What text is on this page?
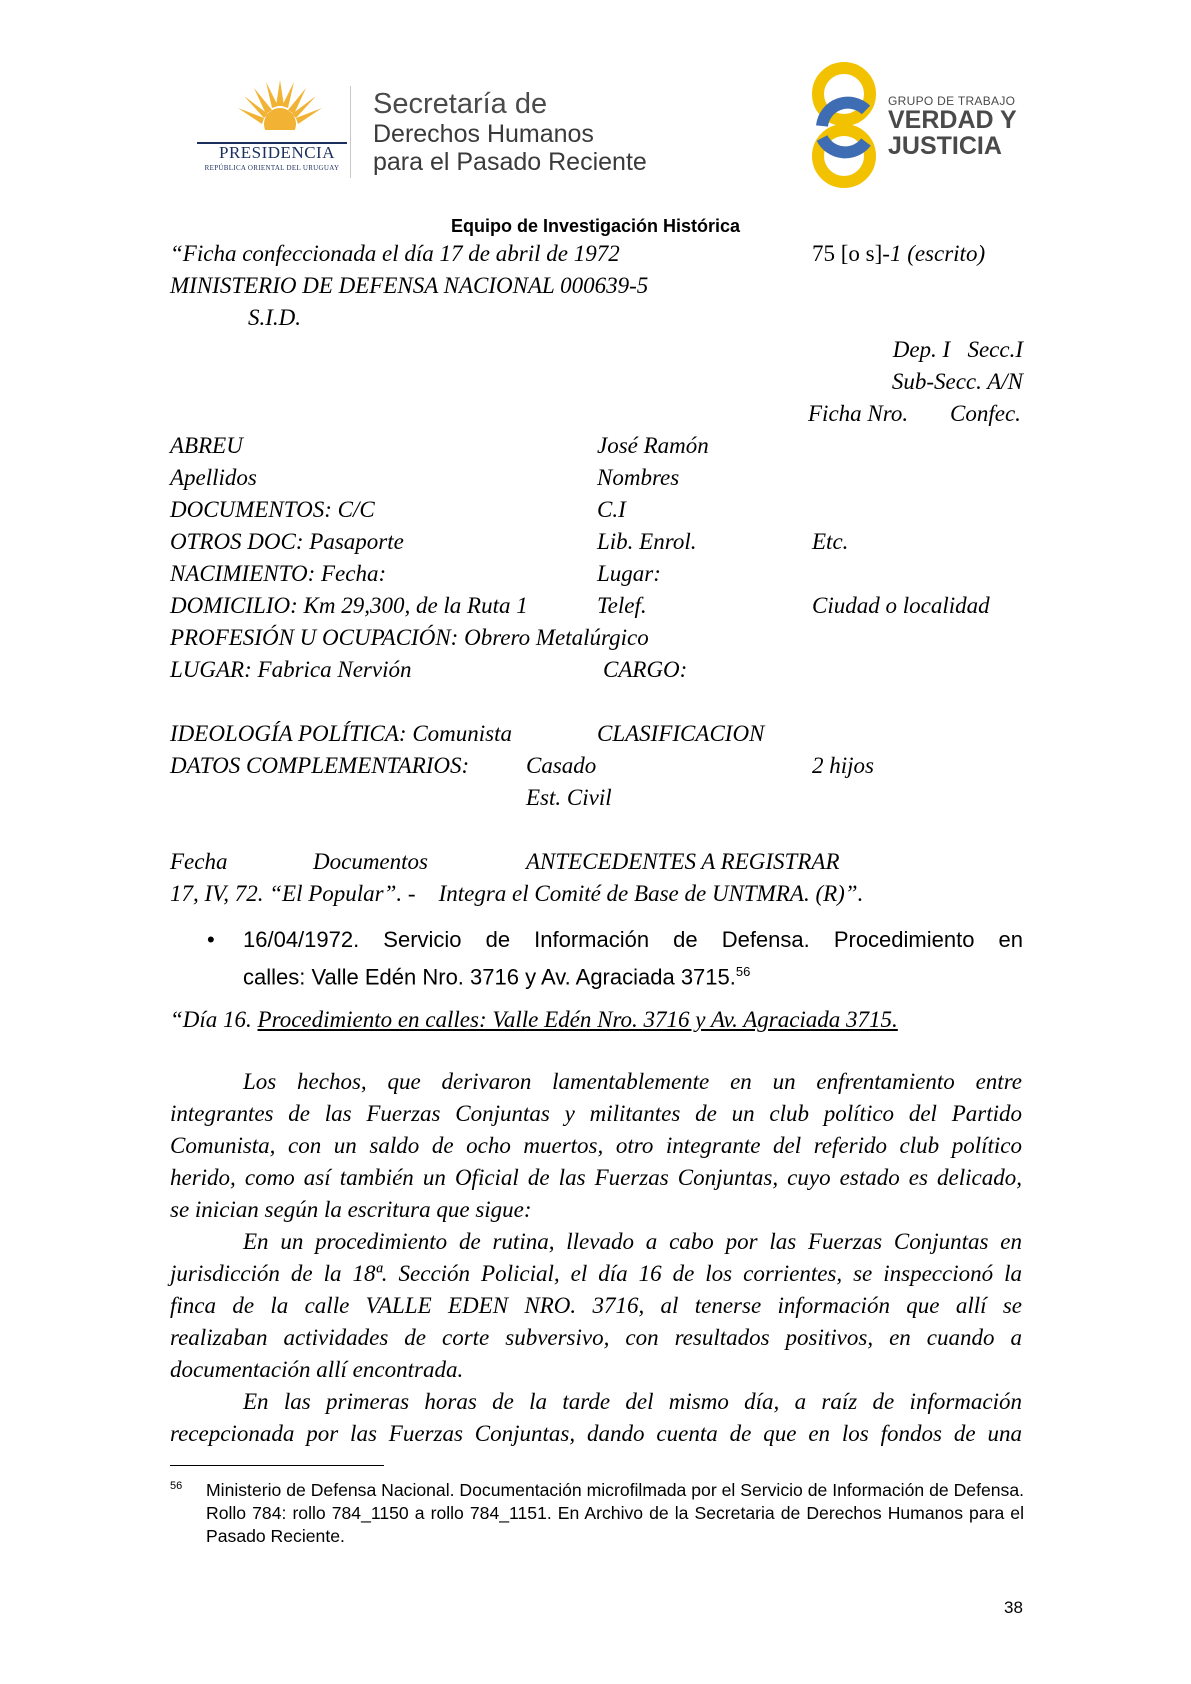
PRESIDENCIA
REPÚBLICA ORIENTAL DEL URUGUAY
Secretaría de
Derechos Humanos
para el Pasado Reciente
GRUPO DE TRABAJO
VERDAD Y
JUSTICIA
Equipo de Investigación Histórica
“Ficha confeccionada el día 17 de abril de 1972	75 [o s]-1 (escrito)
MINISTERIO DE DEFENSA NACIONAL 000639-5
S.I.D.
Dep. I   Secc.I
Sub-Secc. A/N
Ficha Nro. Confec.
ABREU	José Ramón
Apellidos	Nombres
DOCUMENTOS: C/C	C.I
OTROS DOC: Pasaporte	Lib. Enrol.	Etc.
NACIMIENTO: Fecha:	Lugar:
DOMICILIO: Km 29,300, de la Ruta 1	Telef.	Ciudad o localidad
PROFESIÓN U OCUPACIÓN: Obrero Metalúrgico
LUGAR: Fabrica Nervión	CARGO:
IDEOLOGÍA POLÍTICA: Comunista	CLASIFICACION
DATOS COMPLEMENTARIOS: Casado	2 hijos
Est. Civil
Fecha	Documentos	ANTECEDENTES A REGISTRAR
17, IV, 72. “El Popular”. -    Integra el Comité de Base de UNTMRA. (R)”.
• 16/04/1972. Servicio de Información de Defensa. Procedimiento en
calles: Valle Edén Nro. 3716 y Av. Agraciada 3715.56
“Día 16. Procedimiento en calles: Valle Edén Nro. 3716 y Av. Agraciada 3715.
Los hechos, que derivaron lamentablemente en un enfrentamiento entre
integrantes de las Fuerzas Conjuntas y militantes de un club político del Partido
Comunista, con un saldo de ocho muertos, otro integrante del referido club político
herido, como así también un Oficial de las Fuerzas Conjuntas, cuyo estado es delicado,
se inician según la escritura que sigue:
En un procedimiento de rutina, llevado a cabo por las Fuerzas Conjuntas en
jurisdicción de la 18ª. Sección Policial, el día 16 de los corrientes, se inspeccionó la
finca de la calle VALLE EDEN NRO. 3716, al tenerse información que allí se
realizaban actividades de corte subversivo, con resultados positivos, en cuando a
documentación allí encontrada.
En las primeras horas de la tarde del mismo día, a raíz de información
recepcionada por las Fuerzas Conjuntas, dando cuenta de que en los fondos de una
56 Ministerio de Defensa Nacional. Documentación microfilmada por el Servicio de Información de Defensa. Rollo 784: rollo 784_1150 a rollo 784_1151. En Archivo de la Secretaria de Derechos Humanos para el Pasado Reciente.
38
